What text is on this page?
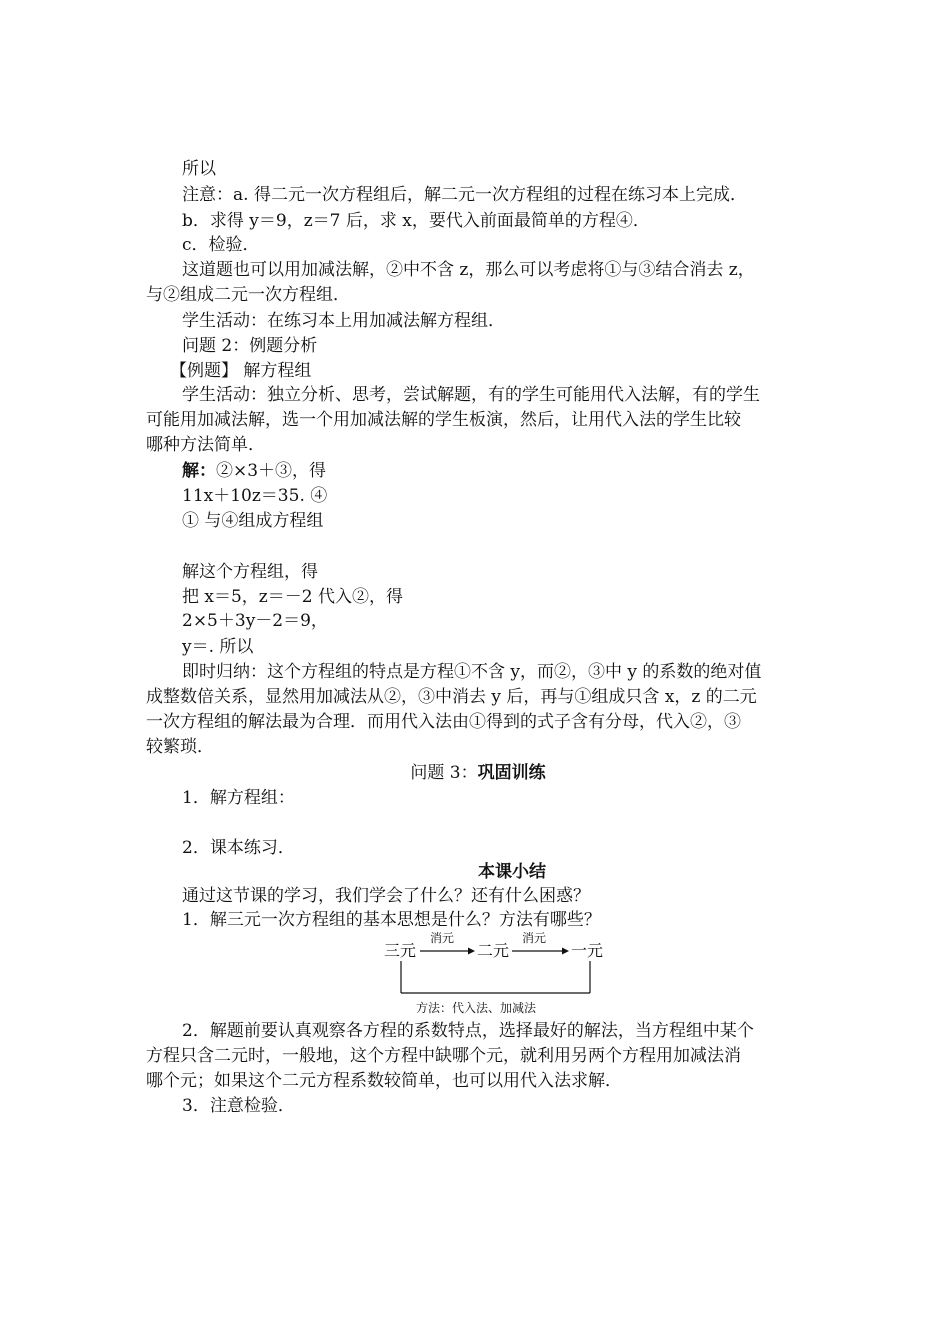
所以
注意：a. 得二元一次方程组后，解二元一次方程组的过程在练习本上完成．
b．求得 y＝9，z＝7 后，求 x，要代入前面最简单的方程④．
c．检验．
这道题也可以用加减法解，②中不含 z，那么可以考虑将①与③结合消去 z，
与②组成二元一次方程组．
学生活动：在练习本上用加减法解方程组．
问题 2：例题分析
【例题】 解方程组
学生活动：独立分析、思考，尝试解题，有的学生可能用代入法解，有的学生
可能用加减法解，选一个用加减法解的学生板演，然后，让用代入法的学生比较
哪种方法简单．
解：②×3＋③，得
11x＋10z＝35. ④
① 与④组成方程组
解这个方程组，得
把 x＝5，z＝－2 代入②，得
2×5＋3y－2＝9，
y＝. 所以
即时归纳：这个方程组的特点是方程①不含 y，而②，③中 y 的系数的绝对值
成整数倍关系，显然用加减法从②，③中消去 y 后，再与①组成只含 x，z 的二元
一次方程组的解法最为合理．而用代入法由①得到的式子含有分母，代入②，③
较繁琐．
问题 3：巩固训练
1．解方程组：
2．课本练习．
本课小结
通过这节课的学习，我们学会了什么？还有什么困惑？
1．解三元一次方程组的基本思想是什么？方法有哪些？
三元
消元
二元
消元
一元
方法：代入法、加减法
2．解题前要认真观察各方程的系数特点，选择最好的解法，当方程组中某个
方程只含二元时，一般地，这个方程中缺哪个元，就利用另两个方程用加减法消
哪个元；如果这个二元方程系数较简单，也可以用代入法求解．
3．注意检验．
